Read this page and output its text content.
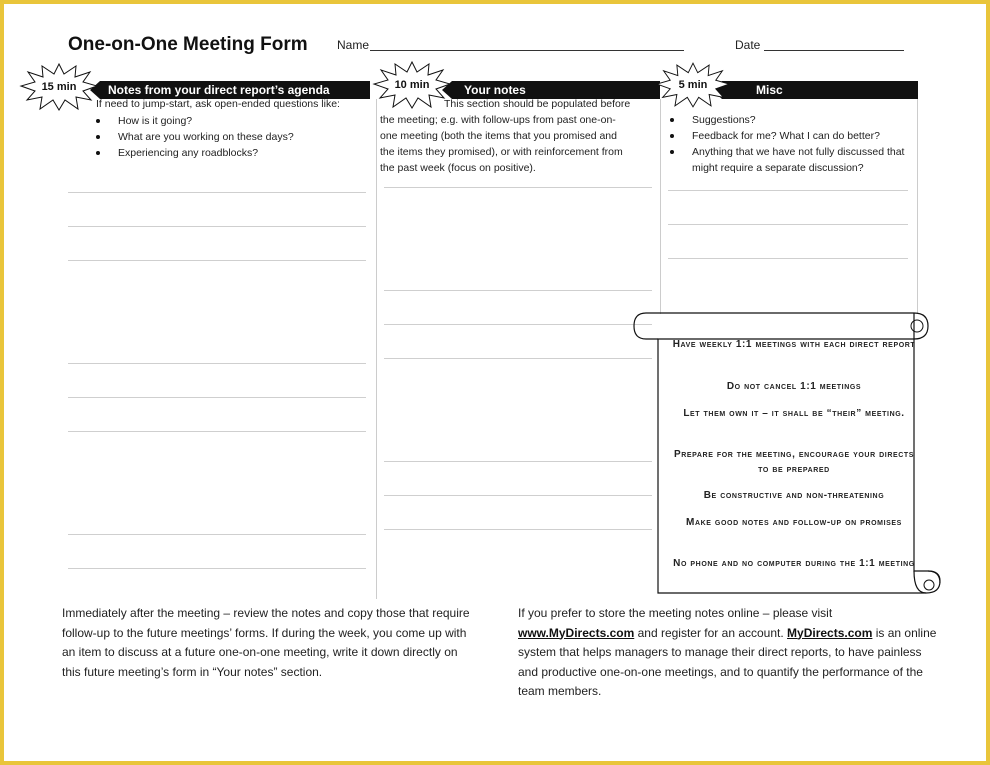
One-on-One Meeting Form Name	Date
Notes from your direct report’s agenda
15 min	Your notes
10 min	Misc
5 min
If need to jump-start, ask open-ended questions like:
How is it going?
What are you working on these days?
Experiencing any roadblocks?
This section should be populated before
the meeting; e.g. with follow-ups from past one-on-
one meeting (both the items that you promised and
the items they promised), or with reinforcement from
the past week (focus on positive).
Suggestions?
Feedback for me? What I can do better?
Anything that we have not fully discussed that might require a separate discussion?
Have weekly 1:1 meetings with each direct report
Do not cancel 1:1 meetings
Let them own it – it shall be “their” meeting.
Prepare for the meeting, encourage your directs to be prepared
Be constructive and non-threatening
Make good notes and follow-up on promises
No phone and no computer during the 1:1 meeting
Immediately after the meeting – review the notes and copy those that require follow-up to the future meetings’ forms. If during the week, you come up with an item to discuss at a future one-on-one meeting, write it down directly on this future meeting’s form in “Your notes” section.
If you prefer to store the meeting notes online – please visit
www.MyDirects.com and register for an account. MyDirects.com is an online system that helps managers to manage their direct reports, to have painless and productive one-on-one meetings, and to quantify the performance of the team members.
